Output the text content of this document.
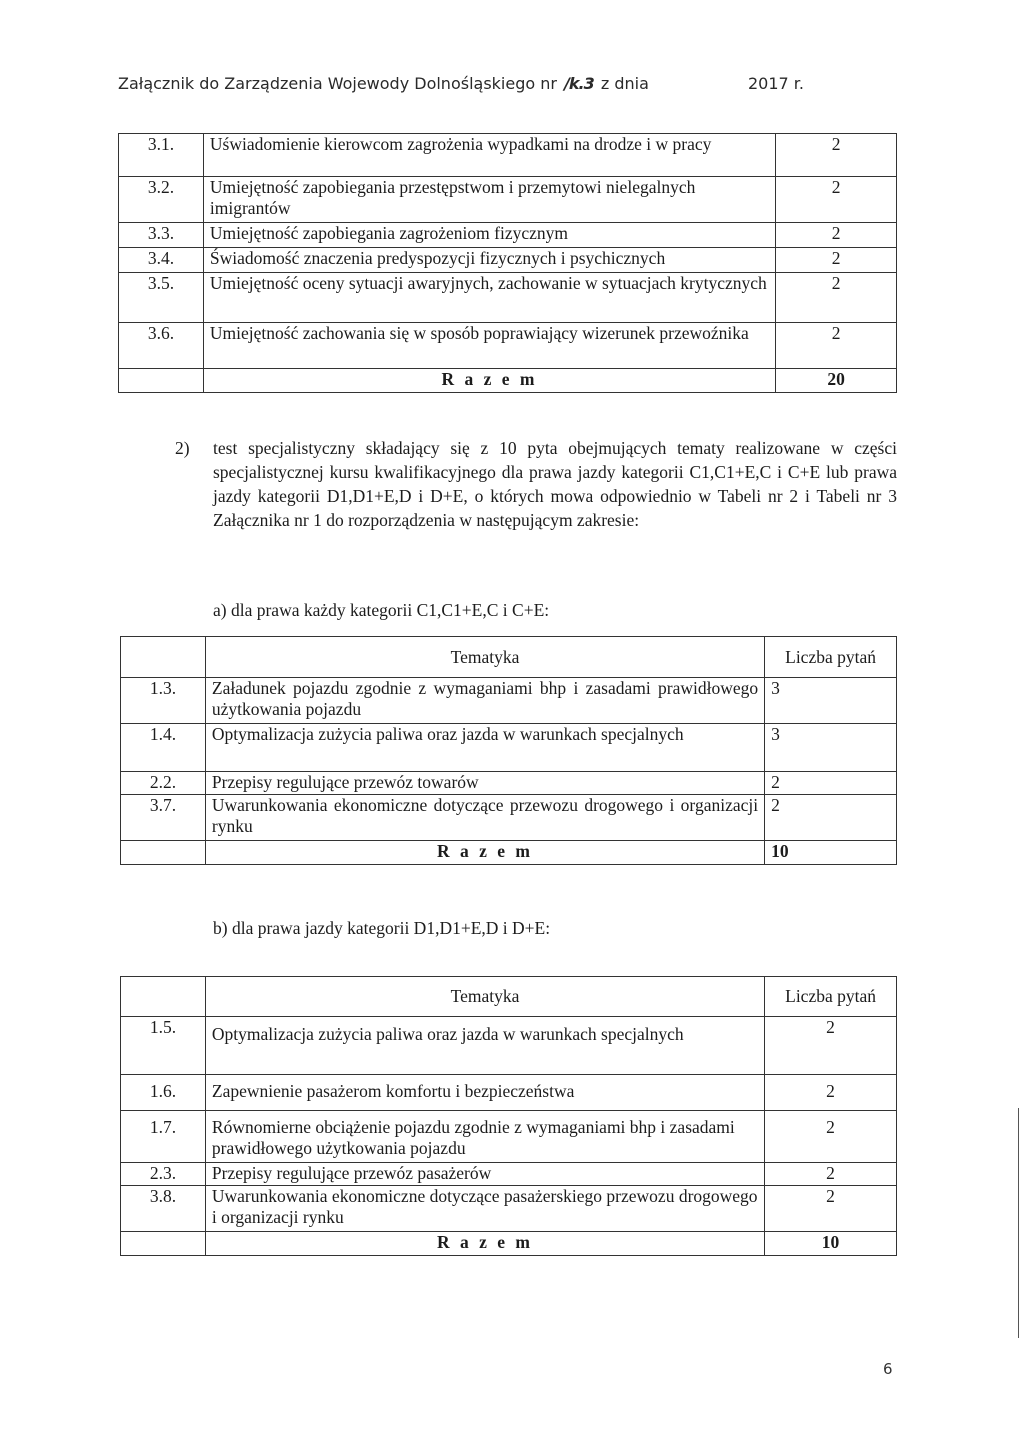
Załącznik do Zarządzenia Wojewody Dolnośląskiego nr /k.3 z dnia	2017 r.
3.1.	Uświadomienie kierowcom zagrożenia wypadkami na drodze i w pracy	2
3.2.	Umiejętność zapobiegania przestępstwom i przemytowi nielegalnych imigrantów	2
3.3.	Umiejętność zapobiegania zagrożeniom fizycznym	2
3.4.	Świadomość znaczenia predyspozycji fizycznych i psychicznych	2
3.5.	Umiejętność oceny sytuacji awaryjnych, zachowanie w sytuacjach krytycznych	2
3.6.	Umiejętność zachowania się w sposób poprawiający wizerunek przewoźnika	2
	R a z e m	20
2) test specjalistyczny składający się z 10 pyta obejmujących tematy realizowane w części specjalistycznej kursu kwalifikacyjnego dla prawa jazdy kategorii C1,C1+E,C i C+E lub prawa jazdy kategorii D1,D1+E,D i D+E, o których mowa odpowiednio w Tabeli nr 2 i Tabeli nr 3 Załącznika nr 1 do rozporządzenia w następującym zakresie:
a) dla prawa każdy kategorii C1,C1+E,C i C+E:
	Tematyka	Liczba pytań
1.3.	Załadunek pojazdu zgodnie z wymaganiami bhp i zasadami prawidłowego użytkowania pojazdu	3
1.4.	Optymalizacja zużycia paliwa oraz jazda w warunkach specjalnych	3
2.2.	Przepisy regulujące przewóz towarów	2
3.7.	Uwarunkowania ekonomiczne dotyczące przewozu drogowego i organizacji rynku	2
	R a z e m	10
b) dla prawa jazdy kategorii D1,D1+E,D i D+E:
	Tematyka	Liczba pytań
1.5.	Optymalizacja zużycia paliwa oraz jazda w warunkach specjalnych	2
1.6.	Zapewnienie pasażerom komfortu i bezpieczeństwa	2
1.7.	Równomierne obciążenie pojazdu zgodnie z wymaganiami bhp i zasadami prawidłowego użytkowania pojazdu	2
2.3.	Przepisy regulujące przewóz pasażerów	2
3.8.	Uwarunkowania ekonomiczne dotyczące pasażerskiego przewozu drogowego i organizacji rynku	2
	R a z e m	10
6
